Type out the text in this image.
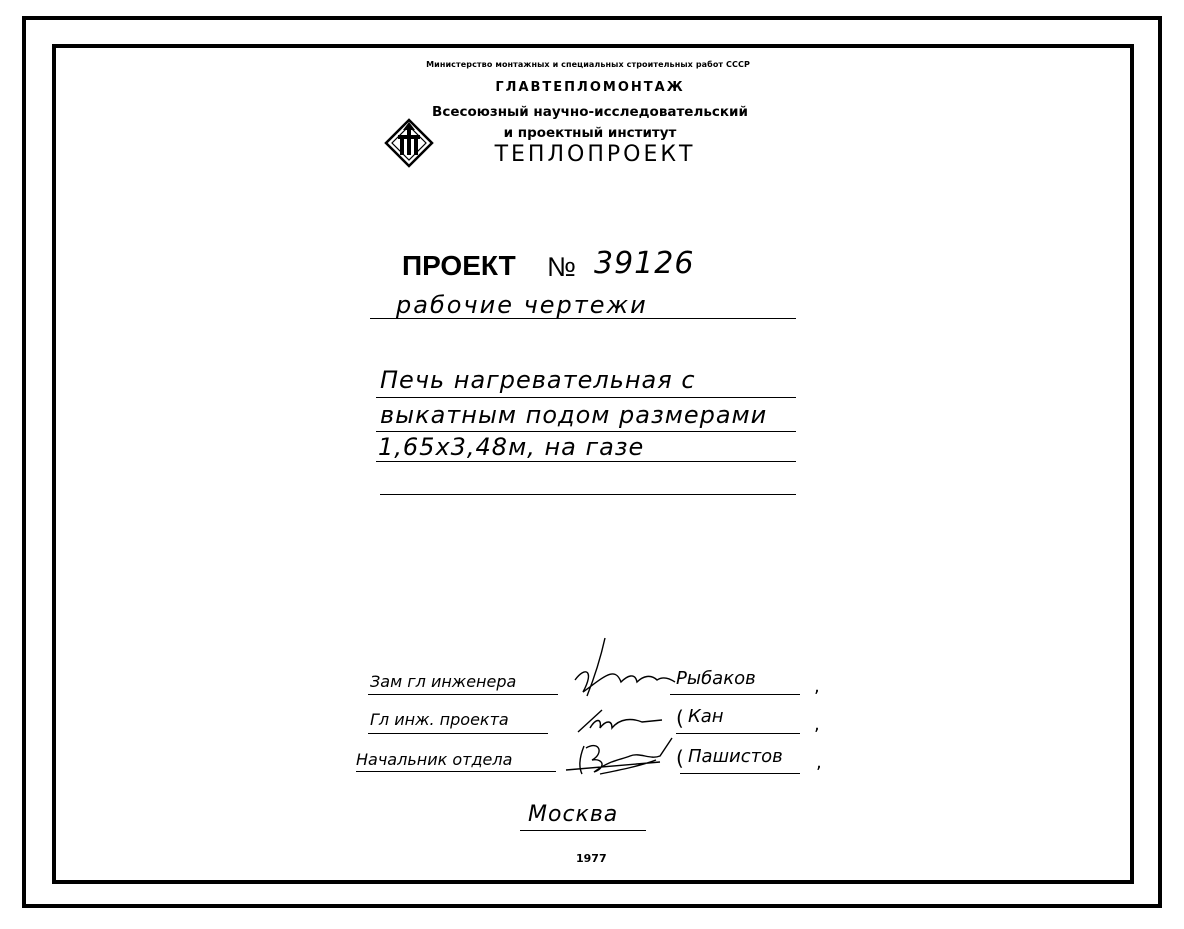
Министерство монтажных и специальных строительных работ СССР
ГЛАВТЕПЛОМОНТАЖ
Всесоюзный научно-исследовательский
и проектный институт
ТЕПЛОПРОЕКТ
ПРОЕКТ № 39126
рабочие чертежи
Печь нагревательная с
выкатным подом размерами
1,65х3,48м, на газе
Зам гл инженера	Рыбаков	,
Гл инж. проекта	( Кан	,
Начальник отдела	( Пашистов ,
Москва
1977
